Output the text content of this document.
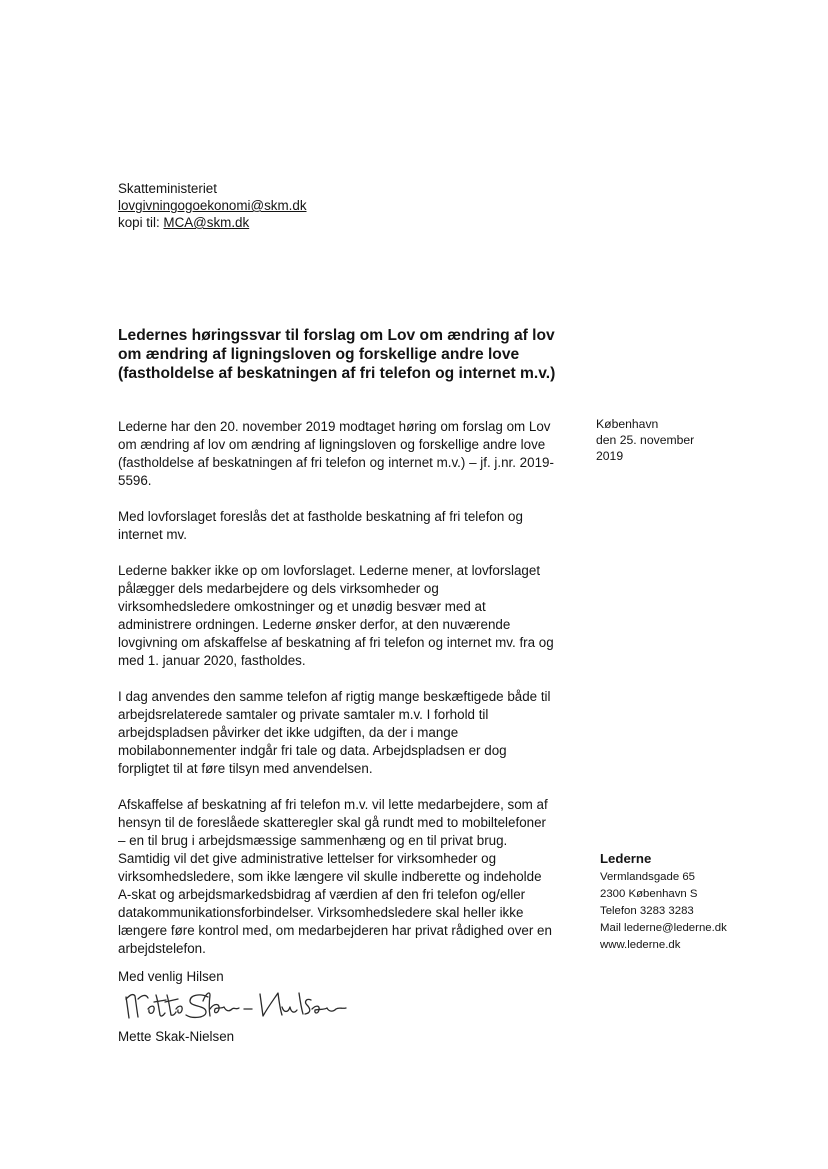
Skatteministeriet
lovgivningogoekonomi@skm.dk
kopi til: MCA@skm.dk
Ledernes høringssvar til forslag om Lov om ændring af lov om ændring af ligningsloven og forskellige andre love (fastholdelse af beskatningen af fri telefon og internet m.v.)

Lederne har den 20. november 2019 modtaget høring om forslag om Lov om ændring af lov om ændring af ligningsloven og forskellige andre love (fastholdelse af beskatningen af fri telefon og internet m.v.) – jf. j.nr. 2019-5596.

Med lovforslaget foreslås det at fastholde beskatning af fri telefon og internet mv.

Lederne bakker ikke op om lovforslaget. Lederne mener, at lovforslaget pålægger dels medarbejdere og dels virksomheder og virksomhedsledere omkostninger og et unødig besvær med at administrere ordningen. Lederne ønsker derfor, at den nuværende lovgivning om afskaffelse af beskatning af fri telefon og internet mv. fra og med 1. januar 2020, fastholdes.

I dag anvendes den samme telefon af rigtig mange beskæftigede både til arbejdsrelaterede samtaler og private samtaler m.v. I forhold til arbejdspladsen påvirker det ikke udgiften, da der i mange mobilabonnementer indgår fri tale og data. Arbejdspladsen er dog forpligtet til at føre tilsyn med anvendelsen.

Afskaffelse af beskatning af fri telefon m.v. vil lette medarbejdere, som af hensyn til de foreslåede skatteregler skal gå rundt med to mobiltelefoner – en til brug i arbejdsmæssige sammenhæng og en til privat brug. Samtidig vil det give administrative lettelser for virksomheder og virksomhedsledere, som ikke længere vil skulle indberette og indeholde A-skat og arbejdsmarkedsbidrag af værdien af den fri telefon og/eller datakommunikationsforbindelser. Virksomhedsledere skal heller ikke længere føre kontrol med, om medarbejderen har privat rådighed over en arbejdstelefon.

København
den 25. november
2019
Lederne
Vermlandsgade 65
2300 København S
Telefon 3283 3283
Mail lederne@lederne.dk
www.lederne.dk
Med venlig Hilsen
Mette Skak-Nielsen
